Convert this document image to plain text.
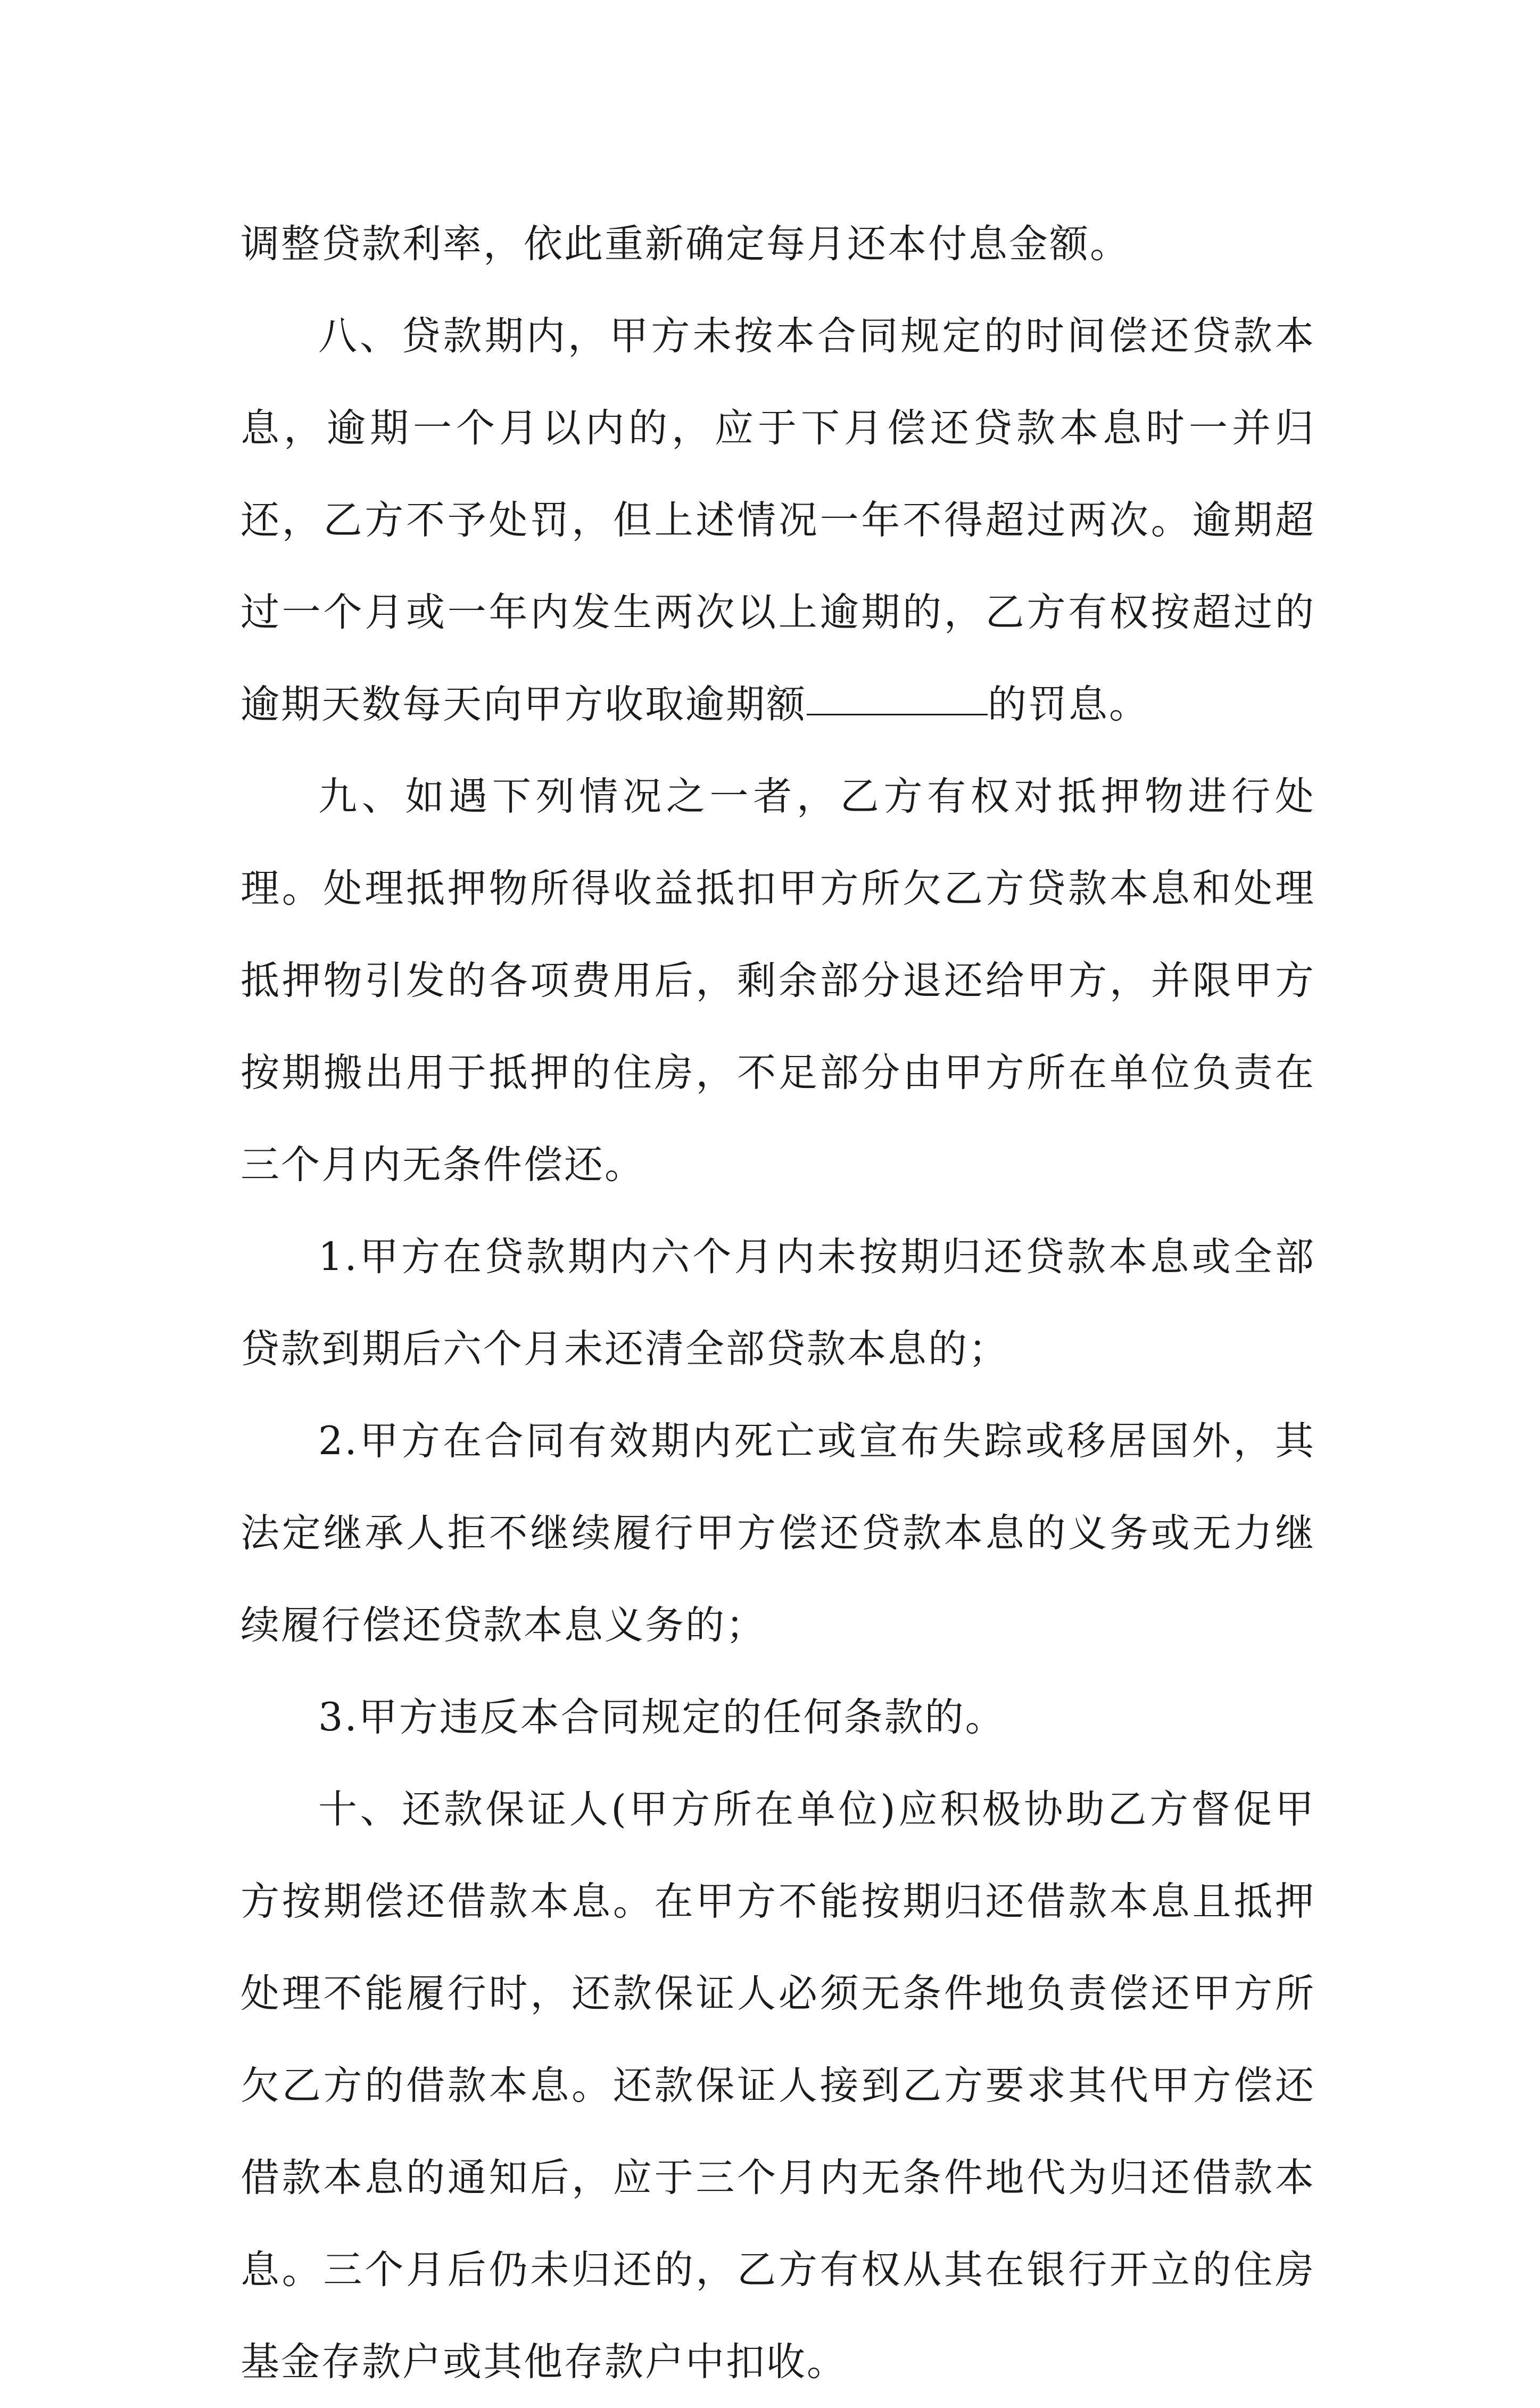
调整贷款利率，依此重新确定每月还本付息金额。

八、贷款期内，甲方未按本合同规定的时间偿还贷款本息，逾期一个月以内的，应于下月偿还贷款本息时一并归还，乙方不予处罚，但上述情况一年不得超过两次。逾期超过一个月或一年内发生两次以上逾期的，乙方有权按超过的逾期天数每天向甲方收取逾期额	的罚息。

九、如遇下列情况之一者，乙方有权对抵押物进行处理。处理抵押物所得收益抵扣甲方所欠乙方贷款本息和处理抵押物引发的各项费用后，剩余部分退还给甲方，并限甲方按期搬出用于抵押的住房，不足部分由甲方所在单位负责在三个月内无条件偿还。

1.甲方在贷款期内六个月内未按期归还贷款本息或全部贷款到期后六个月未还清全部贷款本息的；

2.甲方在合同有效期内死亡或宣布失踪或移居国外，其法定继承人拒不继续履行甲方偿还贷款本息的义务或无力继续履行偿还贷款本息义务的；

3.甲方违反本合同规定的任何条款的。

十、还款保证人(甲方所在单位)应积极协助乙方督促甲方按期偿还借款本息。在甲方不能按期归还借款本息且抵押处理不能履行时，还款保证人必须无条件地负责偿还甲方所欠乙方的借款本息。还款保证人接到乙方要求其代甲方偿还借款本息的通知后，应于三个月内无条件地代为归还借款本息。三个月后仍未归还的，乙方有权从其在银行开立的住房基金存款户或其他存款户中扣收。
